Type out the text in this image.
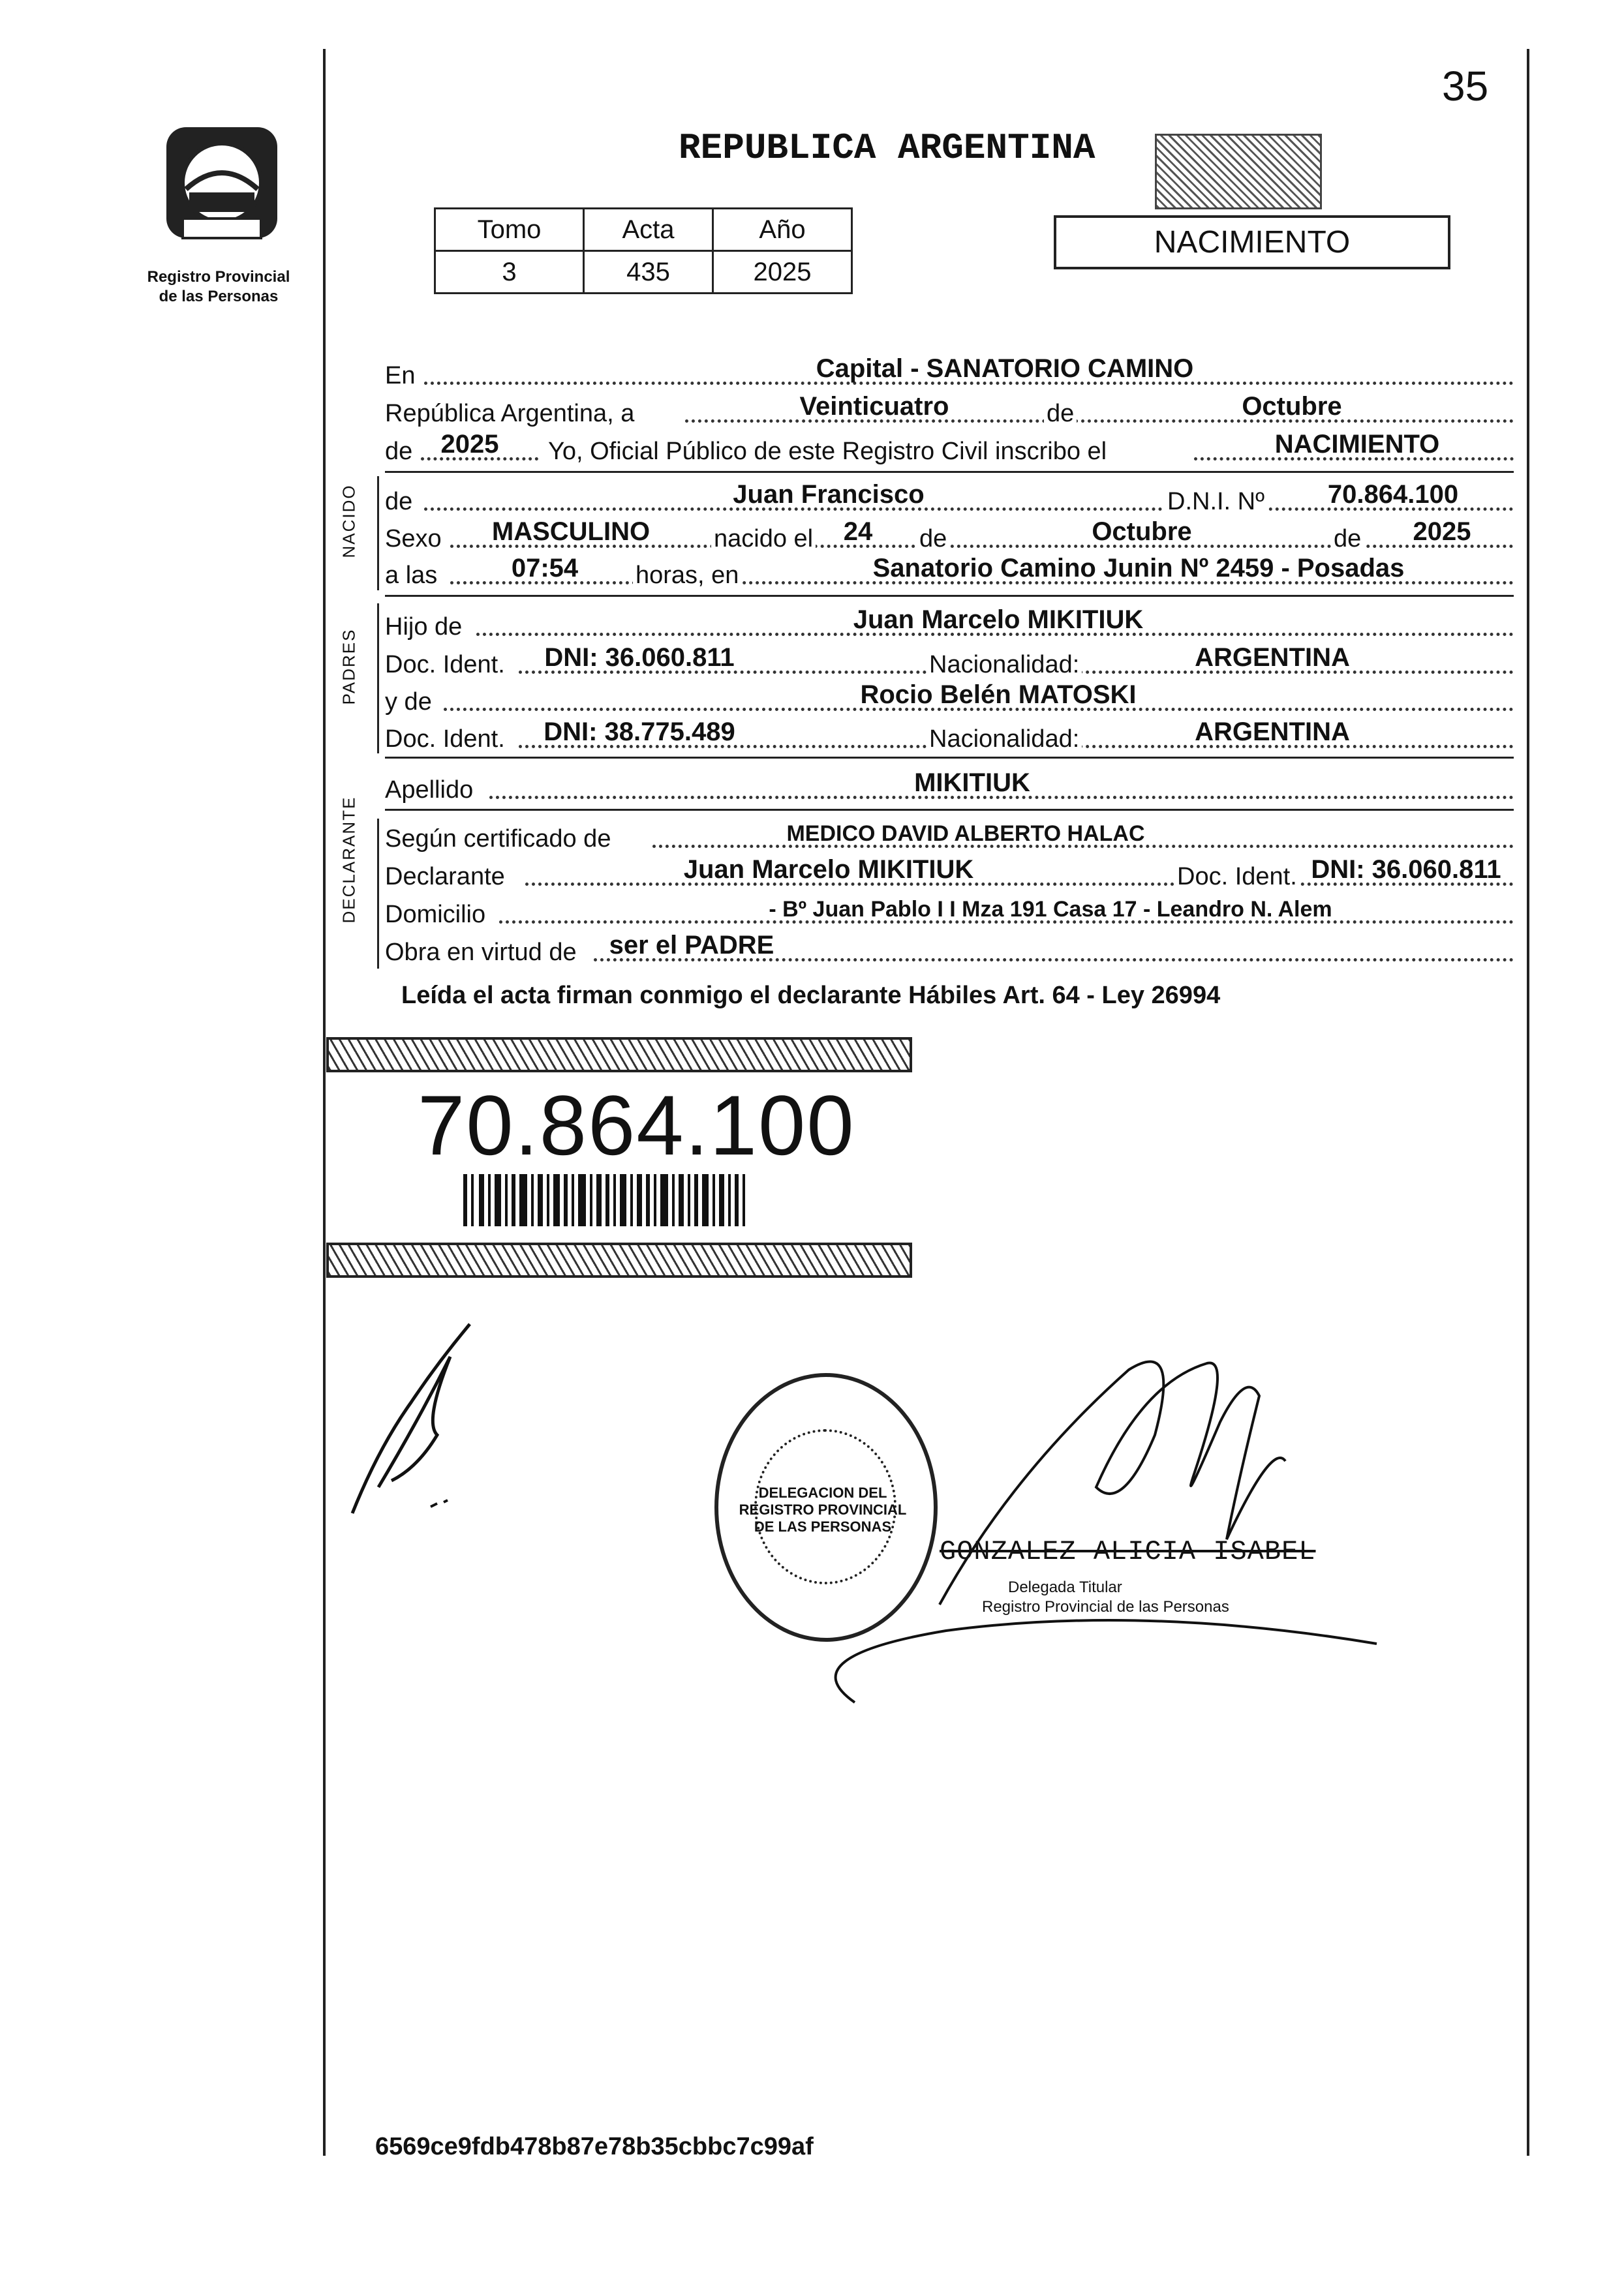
35
Registro Provincial
de las Personas
REPUBLICA ARGENTINA
Tomo	Acta	Año
3	435	2025
NACIMIENTO
En	Capital - SANATORIO CAMINO
República Argentina, a	Veinticuatro	de	Octubre
de	2025	Yo, Oficial Público de este Registro Civil inscribo el	NACIMIENTO
NACIDO de	Juan Francisco	D.N.I. Nº	70.864.100
Sexo	MASCULINO	nacido el	24	de	Octubre	de	2025
a las	07:54	horas, en	Sanatorio Camino Junin Nº 2459 - Posadas
PADRES
Hijo de	Juan Marcelo MIKITIUK
Doc. Ident.	DNI: 36.060.811	Nacionalidad:	ARGENTINA
y de	Rocio Belén MATOSKI
Doc. Ident.	DNI: 38.775.489	Nacionalidad:	ARGENTINA
Apellido	MIKITIUK
DECLARANTE Según certificado de	MEDICO DAVID ALBERTO HALAC
Declarante	Juan Marcelo MIKITIUK	Doc. Ident. DNI: 36.060.811
Domicilio	- Bº Juan Pablo I I Mza 191 Casa 17 - Leandro N. Alem
Obra en virtud de	ser el PADRE
Leída el acta firman conmigo el declarante Hábiles Art. 64 - Ley 26994
70.864.100
DELEGACION DEL REGISTRO PROVINCIAL DE LAS PERSONAS
GONZALEZ ALICIA ISABEL
Delegada Titular
Registro Provincial de las Personas
6569ce9fdb478b87e78b35cbbc7c99af
